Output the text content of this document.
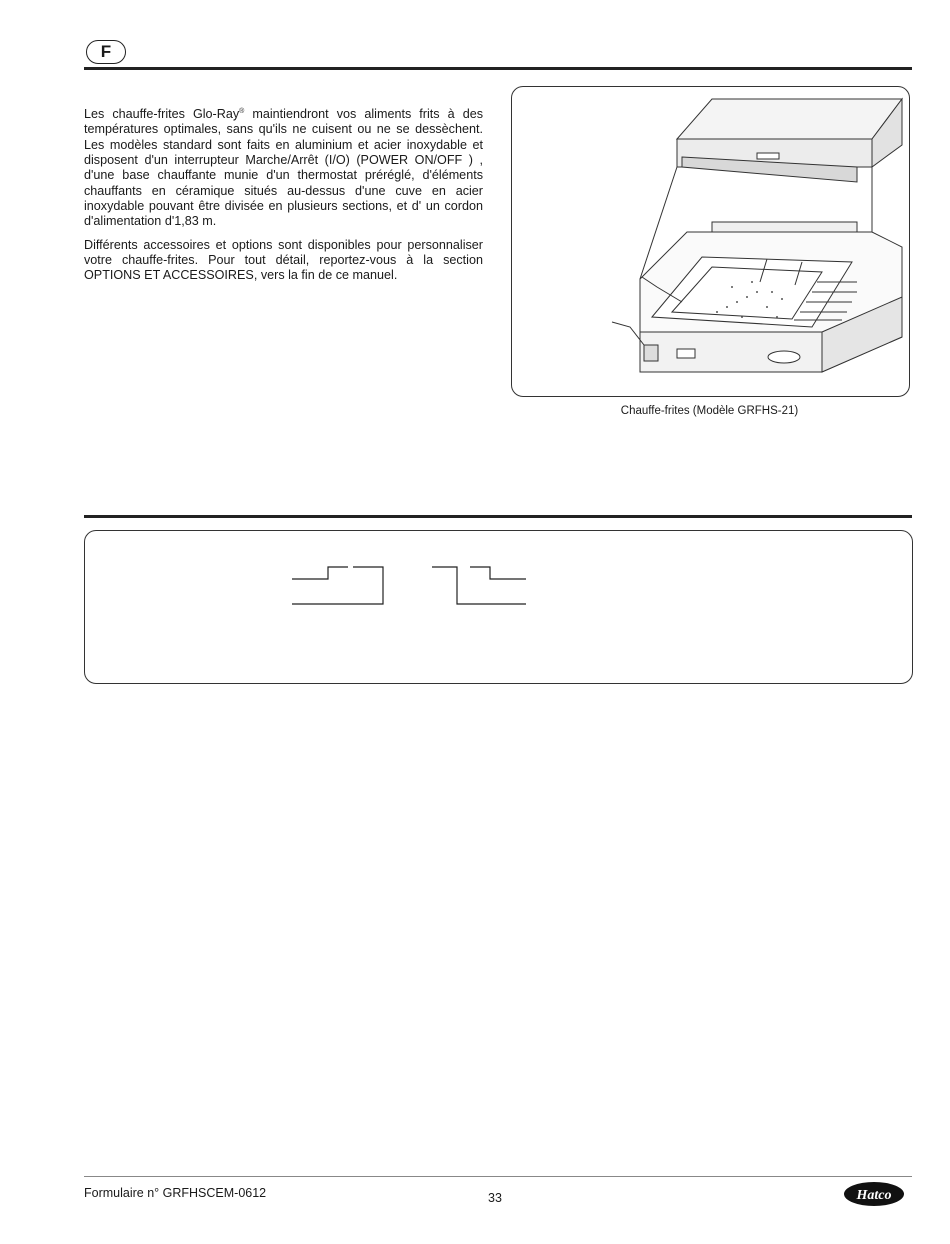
F

Les chauffe-frites Glo-Ray® maintiendront vos aliments frits à des températures optimales, sans qu'ils ne cuisent ou ne se dessèchent. Les modèles standard sont faits en aluminium et acier inoxydable et disposent d'un interrupteur Marche/Arrêt (I/O) (POWER ON/OFF ) , d'une base chauffante munie d'un thermostat préréglé, d'éléments chauffants en céramique situés au-dessus d'une cuve en acier inoxydable pouvant être divisée en plusieurs sections, et d' un cordon d'alimentation d'1,83 m.

Différents accessoires et options sont disponibles pour personnaliser votre chauffe-frites. Pour tout détail, reportez-vous à la section OPTIONS ET ACCESSOIRES, vers la fin de ce manuel.

Chauffe-frites (Modèle GRFHS-21)
Formulaire n° GRFHSCEM-0612	33	Hatco
